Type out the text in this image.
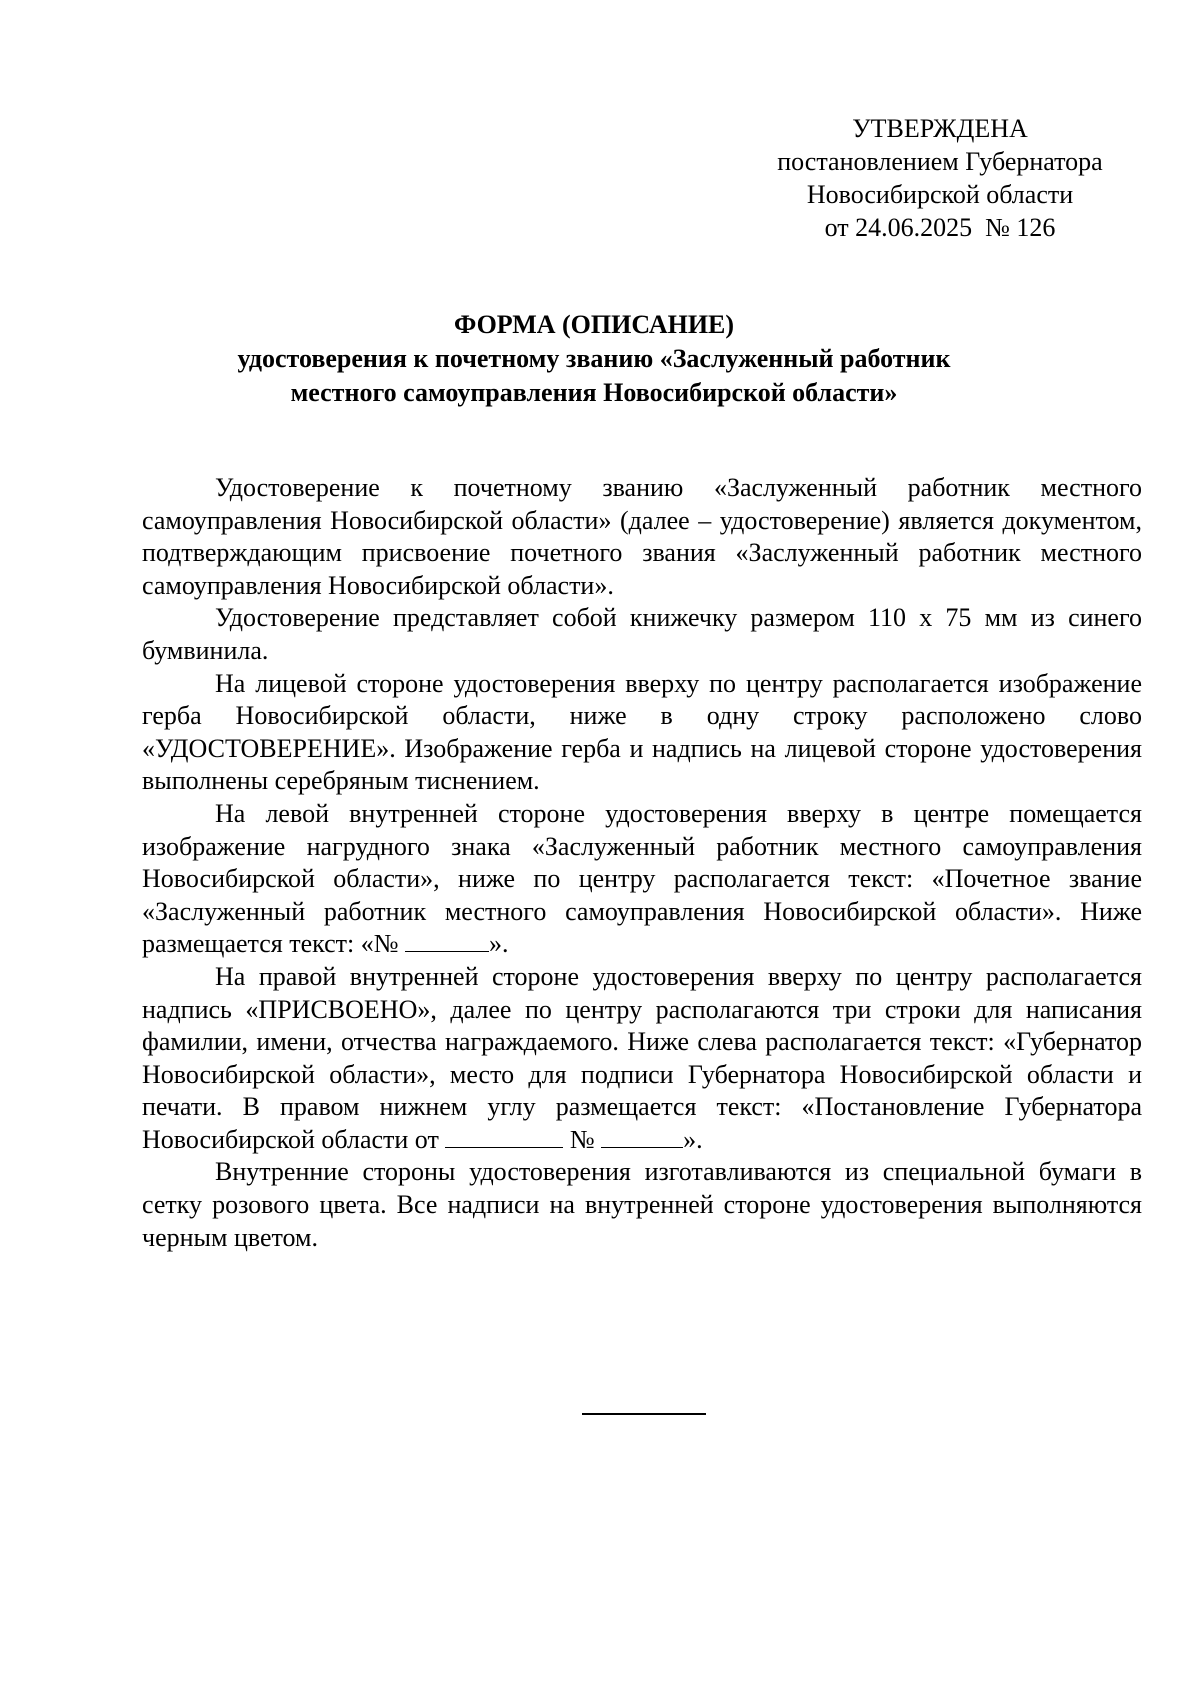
УТВЕРЖДЕНА
постановлением Губернатора
Новосибирской области
от 24.06.2025  № 126
ФОРМА (ОПИСАНИЕ)
удостоверения к почетному званию «Заслуженный работник
местного самоуправления Новосибирской области»

Удостоверение к почетному званию «Заслуженный работник местного самоуправления Новосибирской области» (далее – удостоверение) является документом, подтверждающим присвоение почетного звания «Заслуженный работник местного самоуправления Новосибирской области».

Удостоверение представляет собой книжечку размером 110 х 75 мм из синего бумвинила.

На лицевой стороне удостоверения вверху по центру располагается изображение герба Новосибирской области, ниже в одну строку расположено слово «УДОСТОВЕРЕНИЕ». Изображение герба и надпись на лицевой стороне удостоверения выполнены серебряным тиснением.

На левой внутренней стороне удостоверения вверху в центре помещается изображение нагрудного знака «Заслуженный работник местного самоуправления Новосибирской области», ниже по центру располагается текст: «Почетное звание «Заслуженный работник местного самоуправления Новосибирской области». Ниже размещается текст: «№	».

На правой внутренней стороне удостоверения вверху по центру располагается надпись «ПРИСВОЕНО», далее по центру располагаются три строки для написания фамилии, имени, отчества награждаемого. Ниже слева располагается текст: «Губернатор Новосибирской области», место для подписи Губернатора Новосибирской области и печати. В правом нижнем углу размещается текст: «Постановление Губернатора Новосибирской области от	№	».

Внутренние стороны удостоверения изготавливаются из специальной бумаги в сетку розового цвета. Все надписи на внутренней стороне удостоверения выполняются черным цветом.
